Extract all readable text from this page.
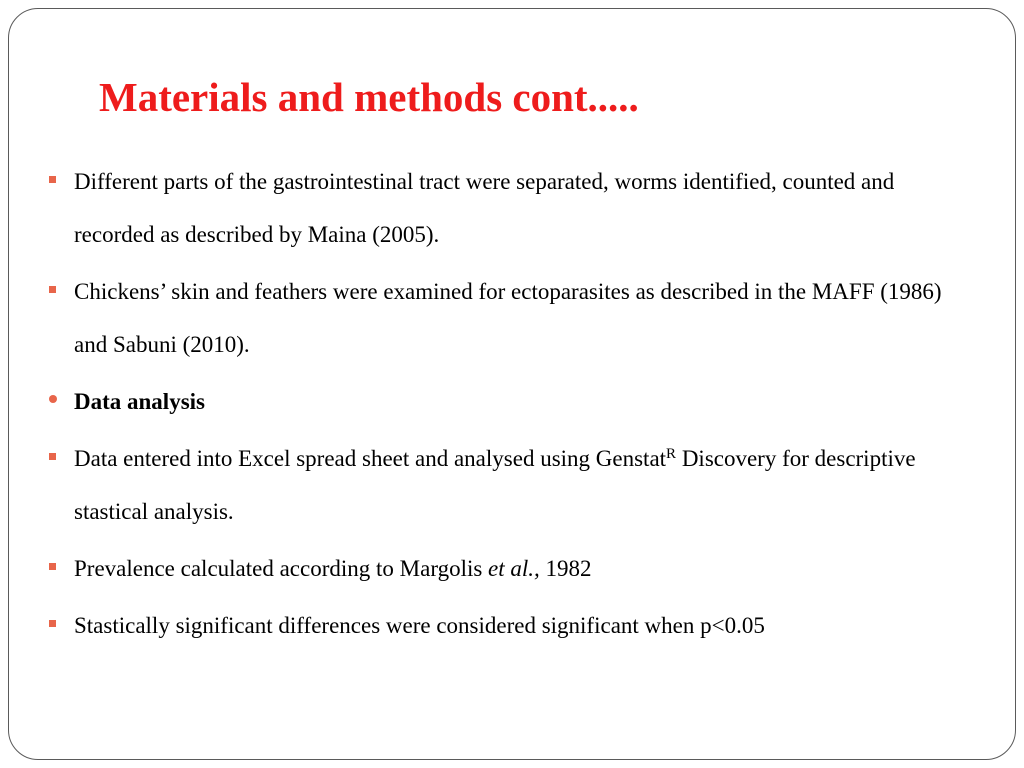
Materials and methods cont.....
Different parts of the gastrointestinal tract were separated, worms identified, counted and recorded as described by Maina (2005).
Chickens’ skin and feathers were examined for ectoparasites as described in the MAFF (1986) and Sabuni (2010).
Data analysis
Data entered into Excel spread sheet and analysed using Genstat$^R$ Discovery for descriptive stastical analysis.
Prevalence calculated according to Margolis et al., 1982
Stastically significant differences were considered significant when p<0.05
